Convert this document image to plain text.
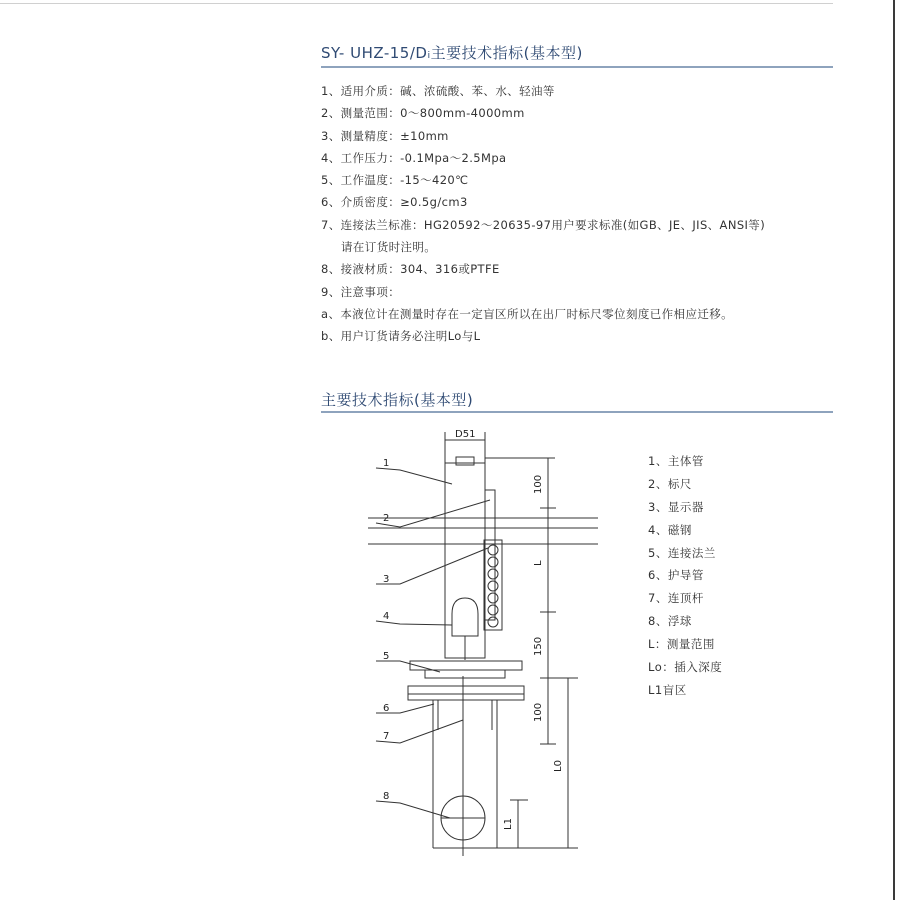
SY- UHZ-15/Dᵢ主要技术指标(基本型)
1、适用介质：碱、浓硫酸、苯、水、轻油等
2、测量范围：0～800mm-4000mm
3、测量精度：±10mm
4、工作压力：-0.1Mpa～2.5Mpa
5、工作温度：-15～420℃
6、介质密度：≥0.5g/cm3
7、连接法兰标准：HG20592～20635-97用户要求标准(如GB、JE、JIS、ANSI等)
请在订货时注明。
8、接液材质：304、316或PTFE
9、注意事项：
a、本液位计在测量时存在一定盲区所以在出厂时标尺零位刻度已作相应迁移。
b、用户订货请务必注明Lo与L
主要技术指标(基本型)
D51
100
L
150
100
L0
L1
1
2
3
4
5
6
7
8
1、主体管
2、标尺
3、显示器
4、磁钢
5、连接法兰
6、护导管
7、连顶杆
8、浮球
L：测量范围
Lo：插入深度
L1盲区
